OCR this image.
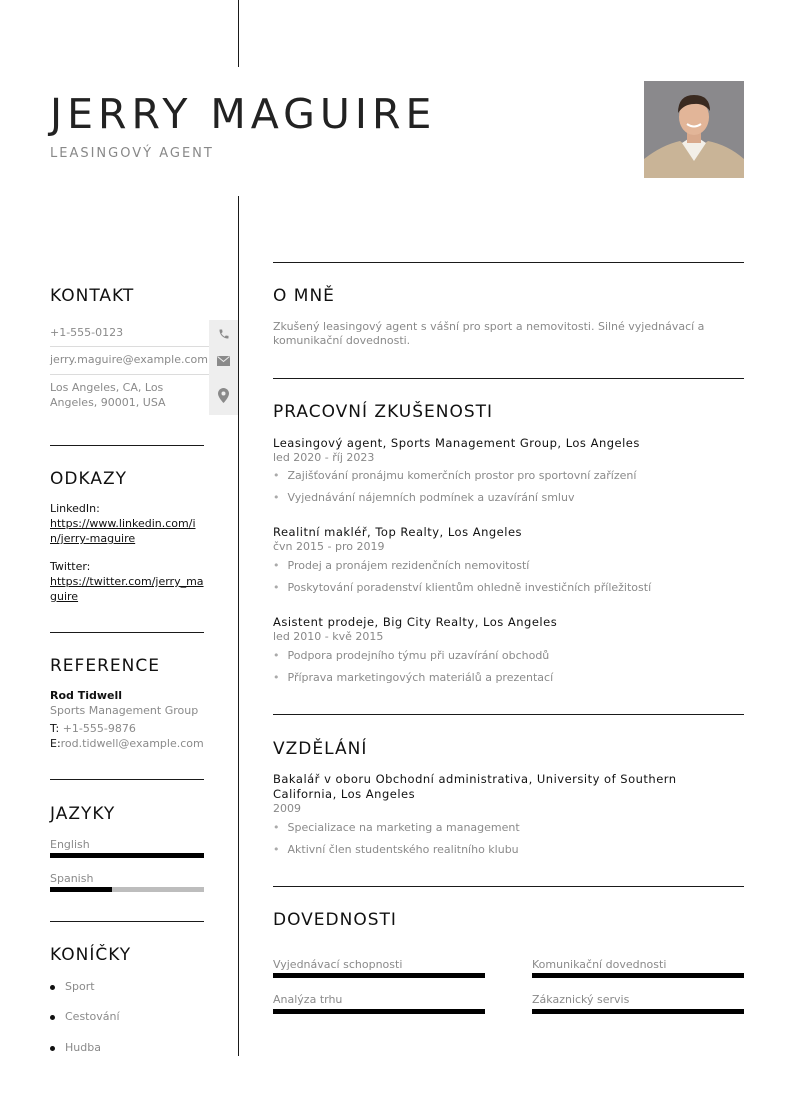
JERRY MAGUIRE
LEASINGOVÝ AGENT
KONTAKT
+1-555-0123
jerry.maguire@example.com
Los Angeles, CA, Los Angeles, 90001, USA
ODKAZY
LinkedIn:
https://www.linkedin.com/in/jerry-maguire
Twitter:
https://twitter.com/jerry_maguire
REFERENCE
Rod Tidwell
Sports Management Group
T: +1-555-9876
E:rod.tidwell@example.com
JAZYKY
English
Spanish
KONÍČKY
Sport
Cestování
Hudba
O MNĚ
Zkušený leasingový agent s vášní pro sport a nemovitosti. Silné vyjednávací a
komunikační dovednosti.
PRACOVNÍ ZKUŠENOSTI
Leasingový agent, Sports Management Group, Los Angeles
led 2020 - říj 2023
• Zajišťování pronájmu komerčních prostor pro sportovní zařízení
• Vyjednávání nájemních podmínek a uzavírání smluv
Realitní makléř, Top Realty, Los Angeles
čvn 2015 - pro 2019
• Prodej a pronájem rezidenčních nemovitostí
• Poskytování poradenství klientům ohledně investičních příležitostí
Asistent prodeje, Big City Realty, Los Angeles
led 2010 - kvě 2015
• Podpora prodejního týmu při uzavírání obchodů
• Příprava marketingových materiálů a prezentací
VZDĚLÁNÍ
Bakalář v oboru Obchodní administrativa, University of Southern
California, Los Angeles
2009
• Specializace na marketing a management
• Aktivní člen studentského realitního klubu
DOVEDNOSTI
Vyjednávací schopnosti	Komunikační dovednosti
Analýza trhu	Zákaznický servis
